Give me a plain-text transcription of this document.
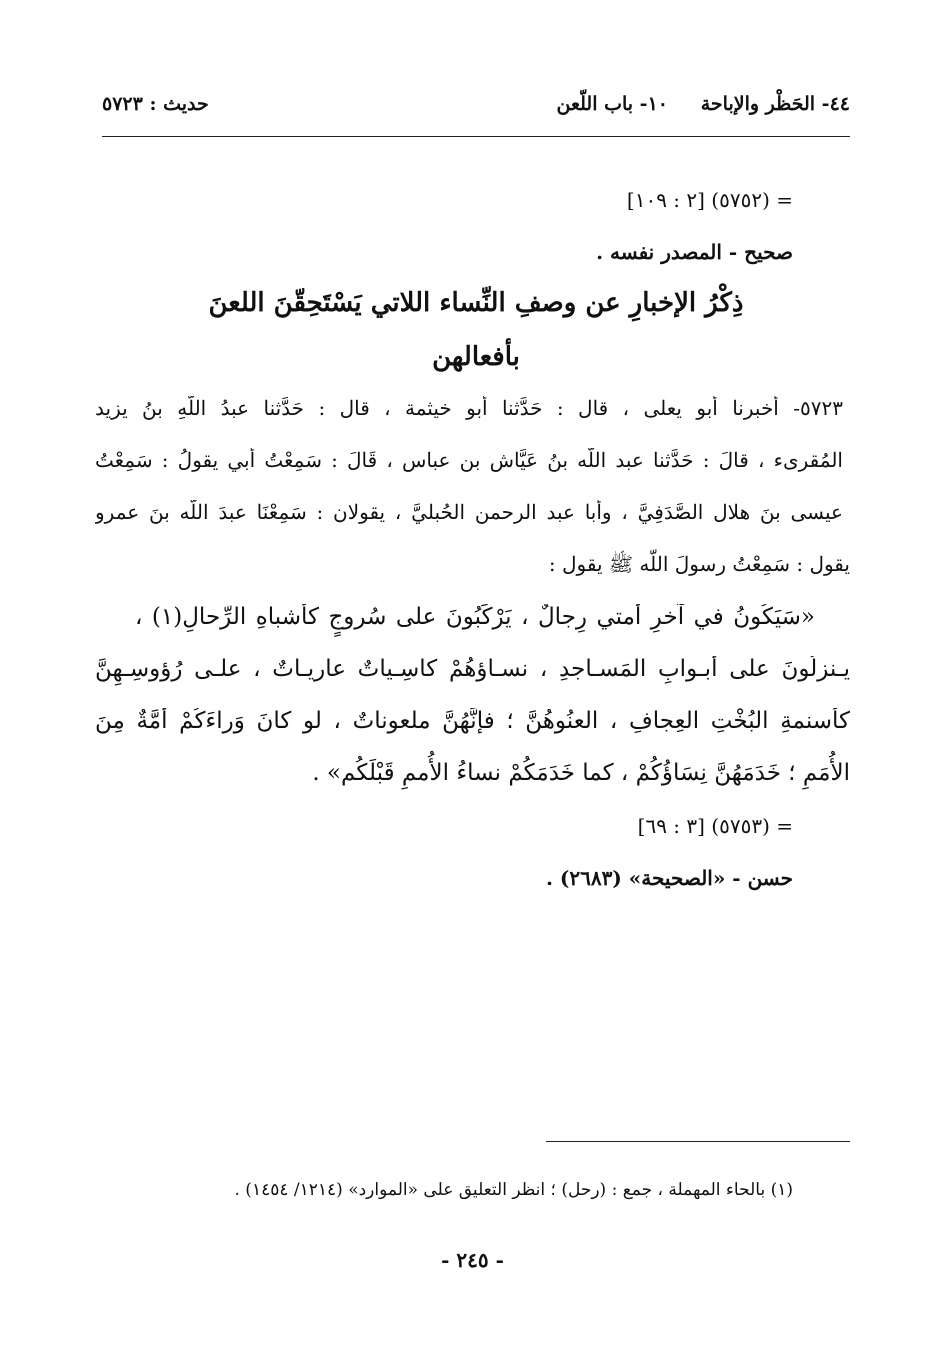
٤٤- الحَظْر والإباحة
١٠- باب اللّعن
حديث : ٥٧٢٣
= (٥٧٥٢) [٢ : ١٠٩]
صحيح - المصدر نفسه .
ذِكْرُ الإخبارِ عن وصفِ النِّساء اللاتي يَسْتَحِقّنَ اللعنَ
بأفعالهن
٥٧٢٣- أخبرنا أبو يعلى ، قال : حَدَّثنا أبو خيثمة ، قال : حَدَّثنا عبدُ اللّهِ بنُ يزيد
المُقرىء ، قالَ : حَدَّثنا عبد اللّه بنُ عَيَّاش بن عباس ، قَالَ : سَمِعْتُ أبي يقولُ : سَمِعْتُ
عيسى بنَ هلال الصَّدَفِيَّ ، وأبا عبد الرحمن الحُبليَّ ، يقولان : سَمِعْنَا عبدَ اللّه بنَ عمرو
يقول : سَمِعْتُ رسولَ اللّه ﷺ يقول :
«سَيَكُونُ في آخرِ أُمتي رِجالٌ ، يَرْكَبُونَ على سُروجٍ كأشباهِ الرِّحالِ(١) ،
يـنزلُونَ على أبـوابِ المَسـاجدِ ، نسـاؤهُمْ كاسِـياتٌ عاريـاتٌ ، علـى رُؤوسِـهِنَّ
كأسنمةِ البُخْتِ العِجافِ ، العنُوهُنَّ ؛ فإنَّهُنَّ ملعوناتٌ ، لو كانَ وَراءَكُمْ أُمَّةٌ مِنَ
الأُمَمِ ؛ خَدَمَهُنَّ نِسَاؤُكُمْ ، كما خَدَمَكُمْ نساءُ الأُممِ قَبْلَكُم» .
= (٥٧٥٣) [٣ : ٦٩]
حسن - «الصحيحة» (٢٦٨٣) .
(١) بالحاء المهملة ، جمع : (رحل) ؛ انظر التعليق على «الموارد» (١٢١٤/ ١٤٥٤) .
- ٢٤٥ -
